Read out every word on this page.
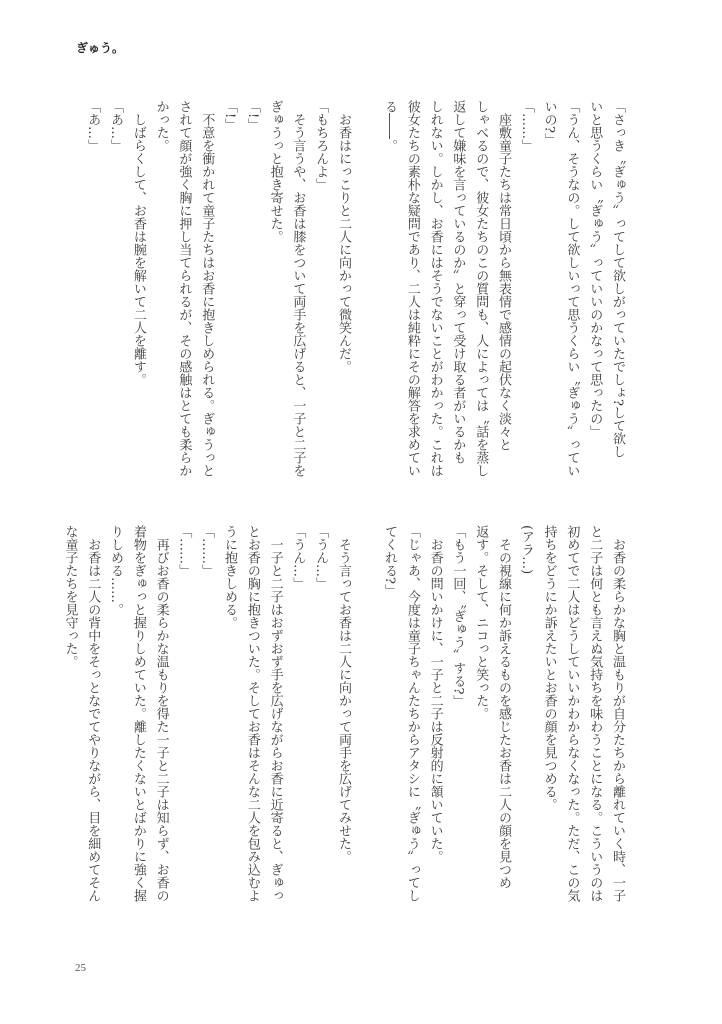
ぎゅう。
「さっき〝ぎゅう〟ってして欲しがっていたでしょ?して欲し
いと思うくらい〝ぎゅう〟っていいのかなって思ったの」
「うん、そうなの。して欲しいって思うくらい〝ぎゅう〟ってい
いの?」
「……」
　座敷童子たちは常日頃から無表情で感情の起伏なく淡々と
しゃべるので、彼女たちのこの質問も、人によっては〝話を蒸し
返して嫌味を言っているのか〟と穿って受け取る者がいるかも
しれない。しかし、お香にはそうでないことがわかった。これは
彼女たちの素朴な疑問であり、二人は純粋にその解答を求めてい
る――。
　お香はにっこりと二人に向かって微笑んだ。
「もちろんよ」
　そう言うや、お香は膝をついて両手を広げると、一子と二子を
ぎゅうっと抱き寄せた。
「!」
「!」
　不意を衝かれて童子たちはお香に抱きしめられる。ぎゅうっと
されて顔が強く胸に押し当てられるが、その感触はとても柔らか
かった。
　しばらくして、お香は腕を解いて二人を離す。
「あ…」
「あ…」
　お香の柔らかな胸と温もりが自分たちから離れていく時、一子
と二子は何とも言えぬ気持ちを味わうことになる。こういうのは
初めてで二人はどうしていいかわからなくなった。ただ、この気
持ちをどうにか訴えたいとお香の顔を見つめる。
(アラ…)
　その視線に何か訴えるものを感じたお香は二人の顔を見つめ
返す。そして、ニコっと笑った。
「もう一回、〝ぎゅう〟する?」
　お香の問いかけに、一子と二子は反射的に頷いていた。
「じゃあ、今度は童子ちゃんたちからアタシに〝ぎゅう〟ってし
てくれる?」
　そう言ってお香は二人に向かって両手を広げてみせた。
「うん…」
「うん…」
　一子と二子はおずおず手を広げながらお香に近寄ると、ぎゅっ
とお香の胸に抱きついた。そしてお香はそんな二人を包み込むよ
うに抱きしめる。
「……」
「……」
　再びお香の柔らかな温もりを得た一子と二子は知らず、お香の
着物をぎゅっと握りしめていた。離したくないとばかりに強く握
りしめる……。
　お香は二人の背中をそっとなでてやりながら、目を細めてそん
な童子たちを見守った。
25
